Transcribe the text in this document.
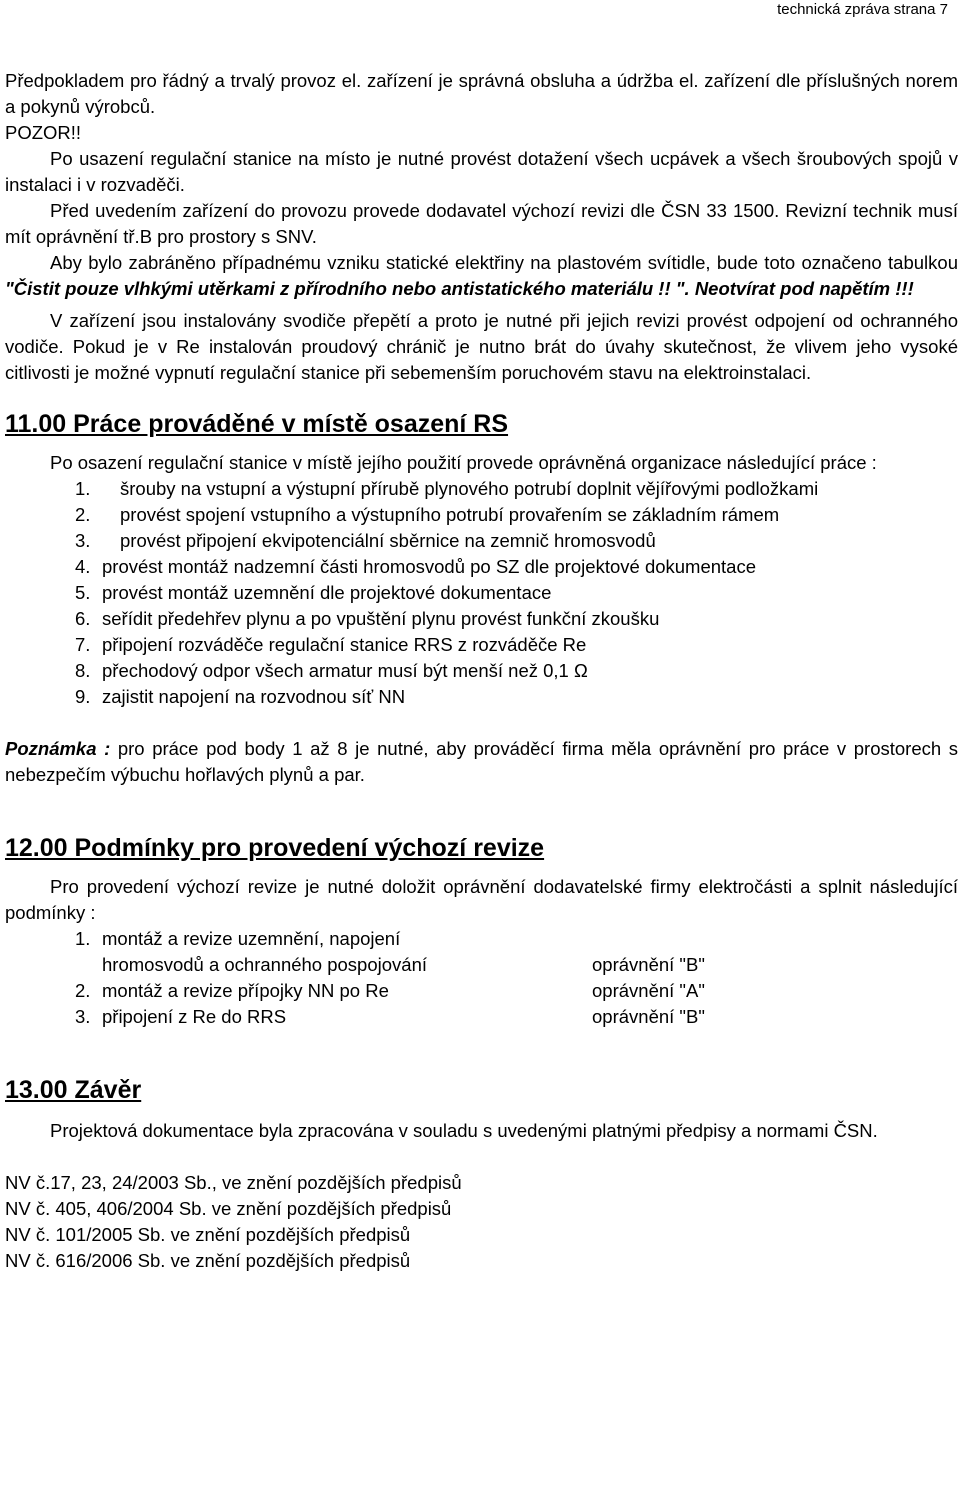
technická zpráva strana 7

Předpokladem pro řádný a trvalý provoz el. zařízení je správná obsluha a údržba el. zařízení dle příslušných norem a pokynů výrobců.

POZOR!!

Po usazení regulační stanice na místo je nutné provést dotažení všech ucpávek a všech šroubových spojů v instalaci i v rozvaděči.

Před uvedením zařízení do provozu provede dodavatel výchozí revizi dle ČSN 33 1500. Revizní technik musí mít oprávnění tř.B pro prostory s SNV.

Aby bylo zabráněno případnému vzniku statické elektřiny na plastovém svítidle, bude toto označeno tabulkou "Čistit pouze vlhkými utěrkami z přírodního nebo antistatického materiálu !! ". Neotvírat pod napětím !!!

V zařízení jsou instalovány svodiče přepětí a proto je nutné při jejich revizi provést odpojení od ochranného vodiče. Pokud je v Re instalován proudový chránič je nutno brát do úvahy skutečnost, že vlivem jeho vysoké citlivosti je možné vypnutí regulační stanice při sebemenším poruchovém stavu na elektroinstalaci.

11.00 Práce prováděné v místě osazení RS

Po osazení regulační stanice v místě jejího použití provede oprávněná organizace následující práce :

1. šrouby na vstupní a výstupní přírubě plynového potrubí doplnit vějířovými podložkami
2. provést spojení vstupního a výstupního potrubí provařením se základním rámem
3. provést připojení ekvipotenciální sběrnice na zemnič hromosvodů
4. provést montáž nadzemní části hromosvodů po SZ dle projektové dokumentace
5. provést montáž uzemnění dle projektové dokumentace
6. seřídit předehřev plynu a po vpuštění plynu provést funkční zkoušku
7. připojení rozváděče regulační stanice RRS z rozváděče Re
8. přechodový odpor všech armatur musí být menší než 0,1 Ω
9. zajistit napojení na rozvodnou síť NN

Poznámka : pro práce pod body 1 až 8 je nutné, aby prováděcí firma měla oprávnění pro práce v prostorech s nebezpečím výbuchu hořlavých plynů a par.

12.00 Podmínky pro provedení výchozí revize

Pro provedení výchozí revize je nutné doložit oprávnění dodavatelské firmy elektročásti a splnit následující podmínky :

1. montáž a revize uzemnění, napojení
hromosvodů a ochranného pospojování	oprávnění "B"
2. montáž a revize přípojky NN po Re	oprávnění "A"
3. připojení z Re do RRS	oprávnění "B"
13.00 Závěr

Projektová dokumentace byla zpracována v souladu s uvedenými platnými předpisy a normami ČSN.

NV č.17, 23, 24/2003 Sb., ve znění pozdějších předpisů

NV č. 405, 406/2004 Sb. ve znění pozdějších předpisů

NV č. 101/2005 Sb. ve znění pozdějších předpisů

NV č. 616/2006 Sb. ve znění pozdějších předpisů
